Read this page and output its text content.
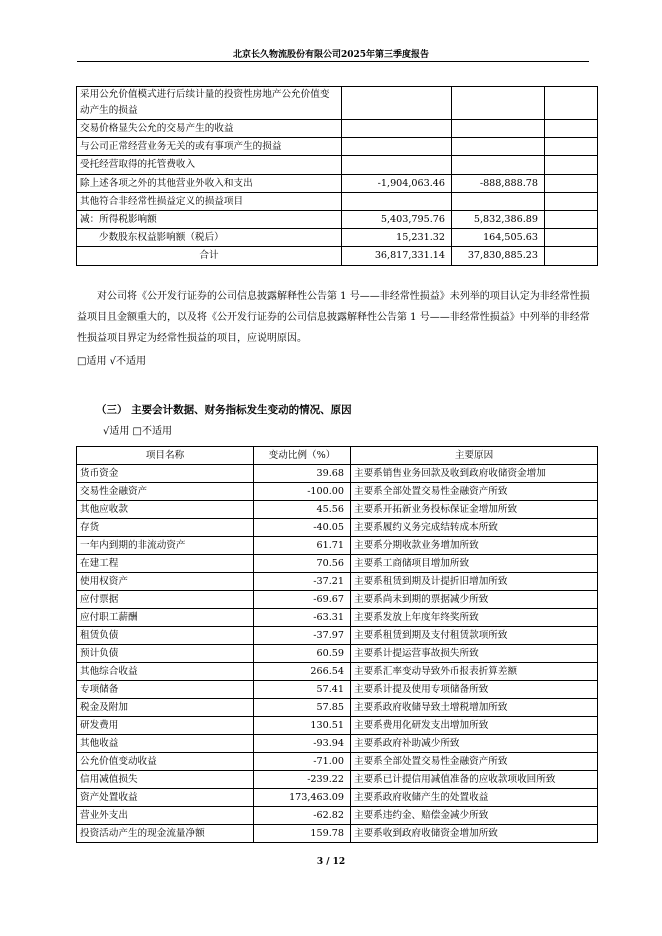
北京长久物流股份有限公司2025年第三季度报告
采用公允价值模式进行后续计量的投资性房地产公允价值变动产生的损益			
交易价格显失公允的交易产生的收益			
与公司正常经营业务无关的或有事项产生的损益			
受托经营取得的托管费收入			
除上述各项之外的其他营业外收入和支出	-1,904,063.46	-888,888.78	
其他符合非经常性损益定义的损益项目			
减：所得税影响额	5,403,795.76	5,832,386.89	
少数股东权益影响额（税后）	15,231.32	164,505.63	
合计	36,817,331.14	37,830,885.23	
对公司将《公开发行证券的公司信息披露解释性公告第 1 号——非经常性损益》未列举的项目认定为非经常性损益项目且金额重大的，以及将《公开发行证券的公司信息披露解释性公告第 1 号——非经常性损益》中列举的非经常性损益项目界定为经常性损益的项目，应说明原因。
□适用 √不适用
（三） 主要会计数据、财务指标发生变动的情况、原因
√适用 □不适用
项目名称	变动比例（%）	主要原因
货币资金	39.68	主要系销售业务回款及收到政府收储资金增加
交易性金融资产	-100.00	主要系全部处置交易性金融资产所致
其他应收款	45.56	主要系开拓新业务投标保证金增加所致
存货	-40.05	主要系履约义务完成结转成本所致
一年内到期的非流动资产	61.71	主要系分期收款业务增加所致
在建工程	70.56	主要系工商储项目增加所致
使用权资产	-37.21	主要系租赁到期及计提折旧增加所致
应付票据	-69.67	主要系尚未到期的票据减少所致
应付职工薪酬	-63.31	主要系发放上年度年终奖所致
租赁负债	-37.97	主要系租赁到期及支付租赁款项所致
预计负债	60.59	主要系计提运营事故损失所致
其他综合收益	266.54	主要系汇率变动导致外币报表折算差额
专项储备	57.41	主要系计提及使用专项储备所致
税金及附加	57.85	主要系政府收储导致土增税增加所致
研发费用	130.51	主要系费用化研发支出增加所致
其他收益	-93.94	主要系政府补助减少所致
公允价值变动收益	-71.00	主要系全部处置交易性金融资产所致
信用减值损失	-239.22	主要系已计提信用减值准备的应收款项收回所致
资产处置收益	173,463.09	主要系政府收储产生的处置收益
营业外支出	-62.82	主要系违约金、赔偿金减少所致
投资活动产生的现金流量净额	159.78	主要系收到政府收储资金增加所致
3 / 12
